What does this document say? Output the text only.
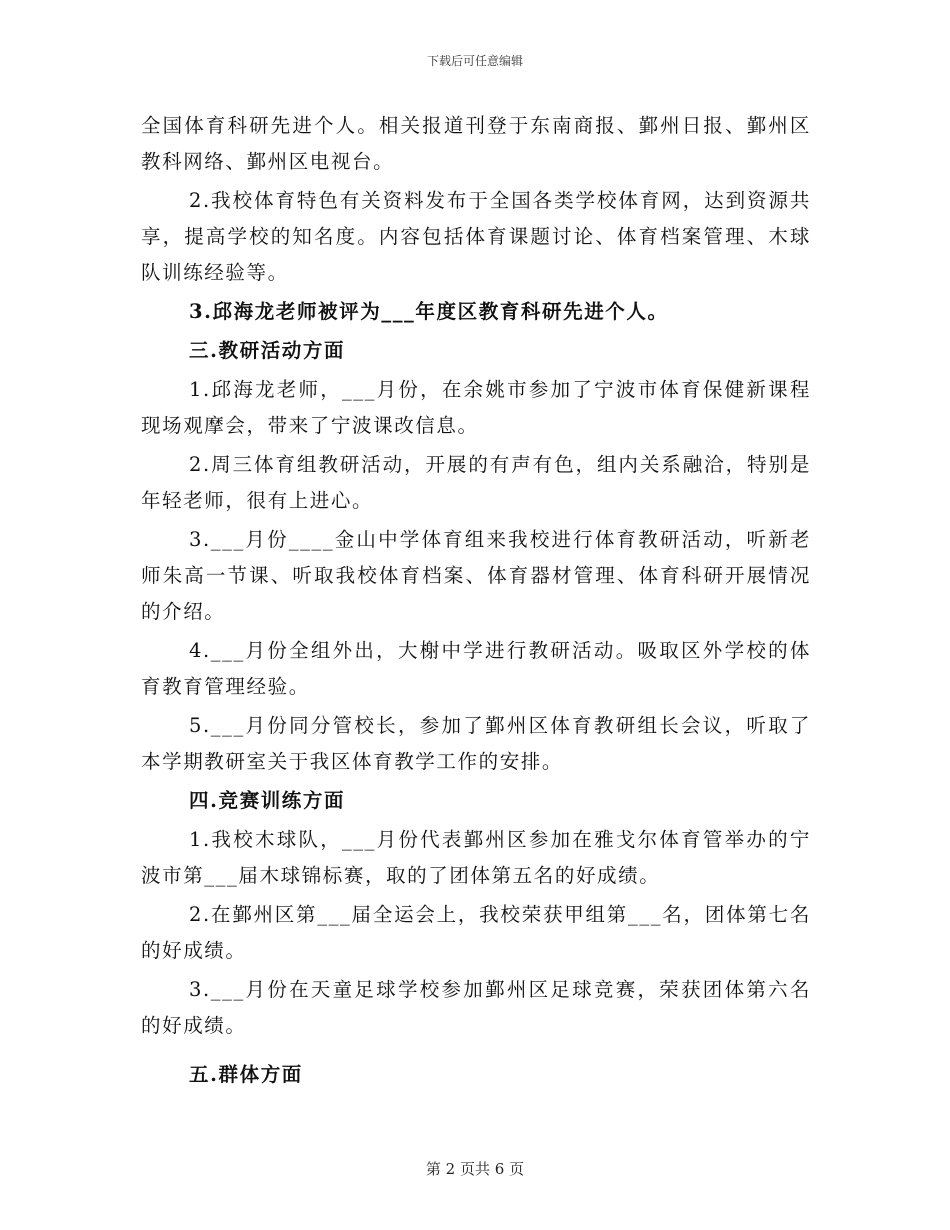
下载后可任意编辑

全国体育科研先进个人。相关报道刊登于东南商报、鄞州日报、鄞州区教科网络、鄞州区电视台。

2.我校体育特色有关资料发布于全国各类学校体育网，达到资源共享，提高学校的知名度。内容包括体育课题讨论、体育档案管理、木球队训练经验等。

3.邱海龙老师被评为___年度区教育科研先进个人。

三.教研活动方面

1.邱海龙老师，___月份，在余姚市参加了宁波市体育保健新课程现场观摩会，带来了宁波课改信息。

2.周三体育组教研活动，开展的有声有色，组内关系融洽，特别是年轻老师，很有上进心。

3.___月份____金山中学体育组来我校进行体育教研活动，听新老师朱高一节课、听取我校体育档案、体育器材管理、体育科研开展情况的介绍。

4.___月份全组外出，大榭中学进行教研活动。吸取区外学校的体育教育管理经验。

5.___月份同分管校长，参加了鄞州区体育教研组长会议，听取了本学期教研室关于我区体育教学工作的安排。

四.竞赛训练方面

1.我校木球队，___月份代表鄞州区参加在雅戈尔体育管举办的宁波市第___届木球锦标赛，取的了团体第五名的好成绩。

2.在鄞州区第___届全运会上，我校荣获甲组第___名，团体第七名的好成绩。

3.___月份在天童足球学校参加鄞州区足球竞赛，荣获团体第六名的好成绩。

五.群体方面

第 2 页共 6 页
